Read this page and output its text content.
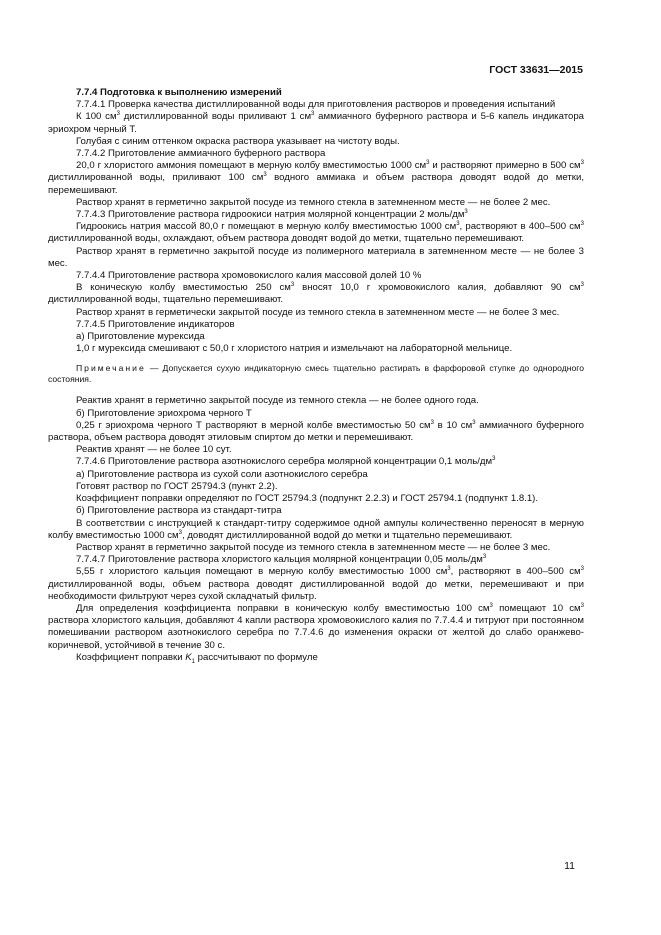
ГОСТ 33631—2015

7.7.4 Подготовка к выполнению измерений

7.7.4.1 Проверка качества дистиллированной воды для приготовления растворов и проведения испытаний

К 100 $см^3$ дистиллированной воды приливают 1 $см^3$ аммиачного буферного раствора и 5-6 капель индикатора эриохром черный Т.

Голубая с синим оттенком окраска раствора указывает на чистоту воды.

7.7.4.2 Приготовление аммиачного буферного раствора

20,0 г хлористого аммония помещают в мерную колбу вместимостью 1000 $см^3$ и растворяют примерно в 500 $см^3$ дистиллированной воды, приливают 100 $см^3$ водного аммиака и объем раствора доводят водой до метки, перемешивают.

Раствор хранят в герметично закрытой посуде из темного стекла в затемненном месте — не более 2 мес.

7.7.4.3 Приготовление раствора гидроокиси натрия молярной концентрации 2 моль/$дм^3$

Гидроокись натрия массой 80,0 г помещают в мерную колбу вместимостью 1000 $см^3$, растворяют в 400–500 $см^3$ дистиллированной воды, охлаждают, объем раствора доводят водой до метки, тщательно перемешивают.

Раствор хранят в герметично закрытой посуде из полимерного материала в затемненном месте — не более 3 мес.

7.7.4.4 Приготовление раствора хромовокислого калия массовой долей 10 %

В коническую колбу вместимостью 250 $см^3$ вносят 10,0 г хромовокислого калия, добавляют 90 $см^3$ дистиллированной воды, тщательно перемешивают.

Раствор хранят в герметически закрытой посуде из темного стекла в затемненном месте — не более 3 мес.

7.7.4.5 Приготовление индикаторов

а) Приготовление мурексида

1,0 г мурексида смешивают с 50,0 г хлористого натрия и измельчают на лабораторной мельнице.

Примечание — Допускается сухую индикаторную смесь тщательно растирать в фарфоровой ступке до однородного состояния.

Реактив хранят в герметично закрытой посуде из темного стекла — не более одного года.

б) Приготовление эриохрома черного Т

0,25 г эриохрома черного Т растворяют в мерной колбе вместимостью 50 $см^3$ в 10 $см^3$ аммиачного буферного раствора, объем раствора доводят этиловым спиртом до метки и перемешивают.

Реактив хранят — не более 10 сут.

7.7.4.6 Приготовление раствора азотнокислого серебра молярной концентрации 0,1 моль/$дм^3$

а) Приготовление раствора из сухой соли азотнокислого серебра

Готовят раствор по ГОСТ 25794.3 (пункт 2.2).

Коэффициент поправки определяют по ГОСТ 25794.3 (подпункт 2.2.3) и ГОСТ 25794.1 (подпункт 1.8.1).

б) Приготовление раствора из стандарт-титра

В соответствии с инструкцией к стандарт-титру содержимое одной ампулы количественно переносят в мерную колбу вместимостью 1000 $см^3$, доводят дистиллированной водой до метки и тщательно перемешивают.

Раствор хранят в герметично закрытой посуде из темного стекла в затемненном месте — не более 3 мес.

7.7.4.7 Приготовление раствора хлористого кальция молярной концентрации 0,05 моль/$дм^3$

5,55 г хлористого кальция помещают в мерную колбу вместимостью 1000 $см^3$, растворяют в 400–500 $см^3$ дистиллированной воды, объем раствора доводят дистиллированной водой до метки, перемешивают и при необходимости фильтруют через сухой складчатый фильтр.

Для определения коэффициента поправки в коническую колбу вместимостью 100 $см^3$ помещают 10 $см^3$ раствора хлористого кальция, добавляют 4 капли раствора хромовокислого калия по 7.7.4.4 и титруют при постоянном помешивании раствором азотнокислого серебра по 7.7.4.6 до изменения окраски от желтой до слабо оранжево-коричневой, устойчивой в течение 30 с.

Коэффициент поправки $K_1$ рассчитывают по формуле

11
